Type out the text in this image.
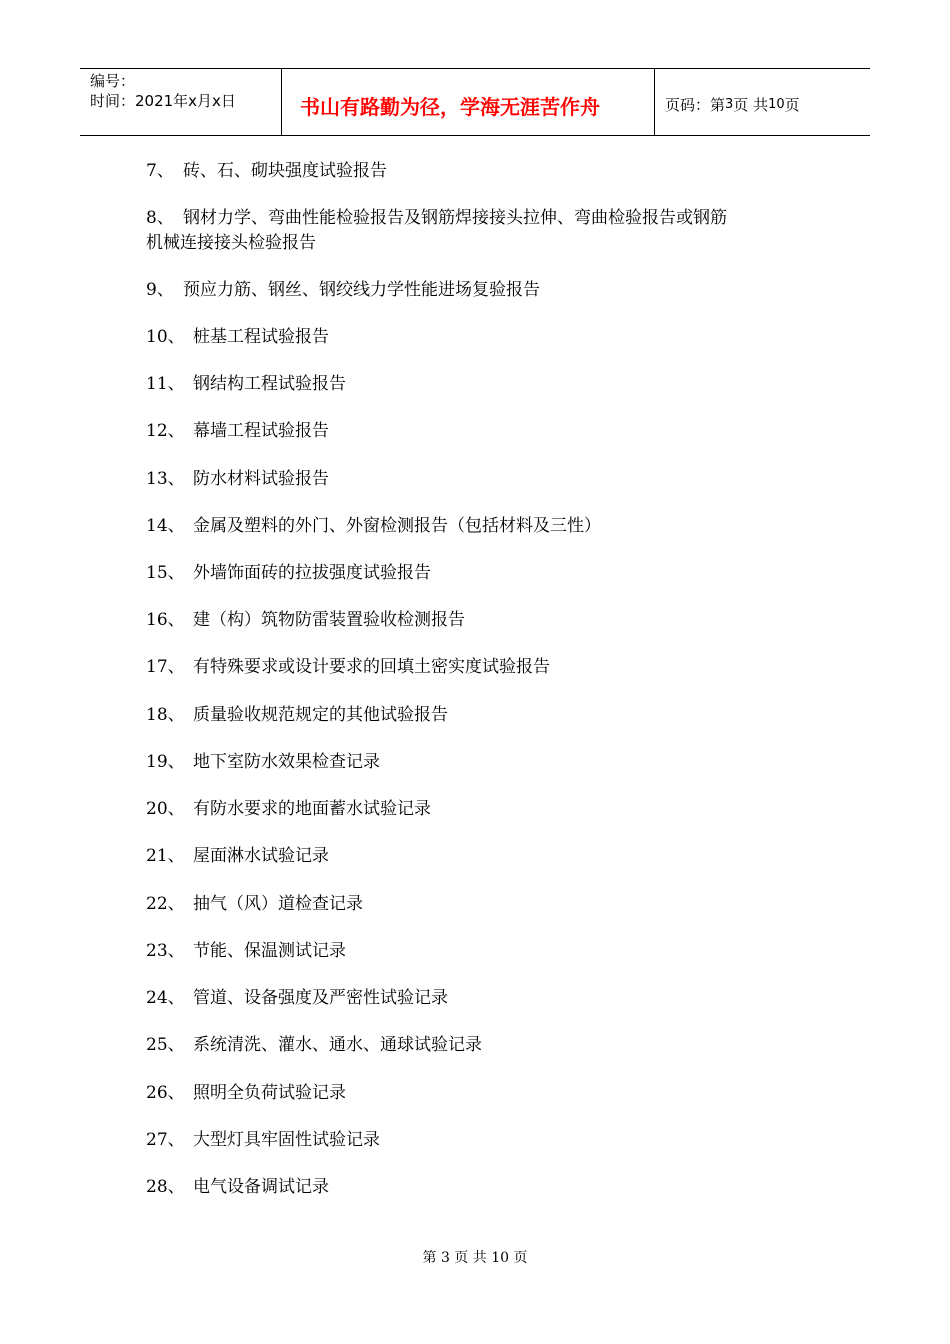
编号：
时间：2021年x月x日	书山有路勤为径，学海无涯苦作舟	页码：第 3 页 共 10 页
7、 砖、石、砌块强度试验报告
8、 钢材力学、弯曲性能检验报告及钢筋焊接接头拉伸、弯曲检验报告或钢筋
机械连接接头检验报告
9、 预应力筋、钢丝、钢绞线力学性能进场复验报告
10、 桩基工程试验报告
11、 钢结构工程试验报告
12、 幕墙工程试验报告
13、 防水材料试验报告
14、 金属及塑料的外门、外窗检测报告（包括材料及三性）
15、 外墙饰面砖的拉拔强度试验报告
16、 建（构）筑物防雷装置验收检测报告
17、 有特殊要求或设计要求的回填土密实度试验报告
18、 质量验收规范规定的其他试验报告
19、 地下室防水效果检查记录
20、 有防水要求的地面蓄水试验记录
21、 屋面淋水试验记录
22、 抽气（风）道检查记录
23、 节能、保温测试记录
24、 管道、设备强度及严密性试验记录
25、 系统清洗、灌水、通水、通球试验记录
26、 照明全负荷试验记录
27、 大型灯具牢固性试验记录
28、 电气设备调试记录
第 3 页 共 10 页
